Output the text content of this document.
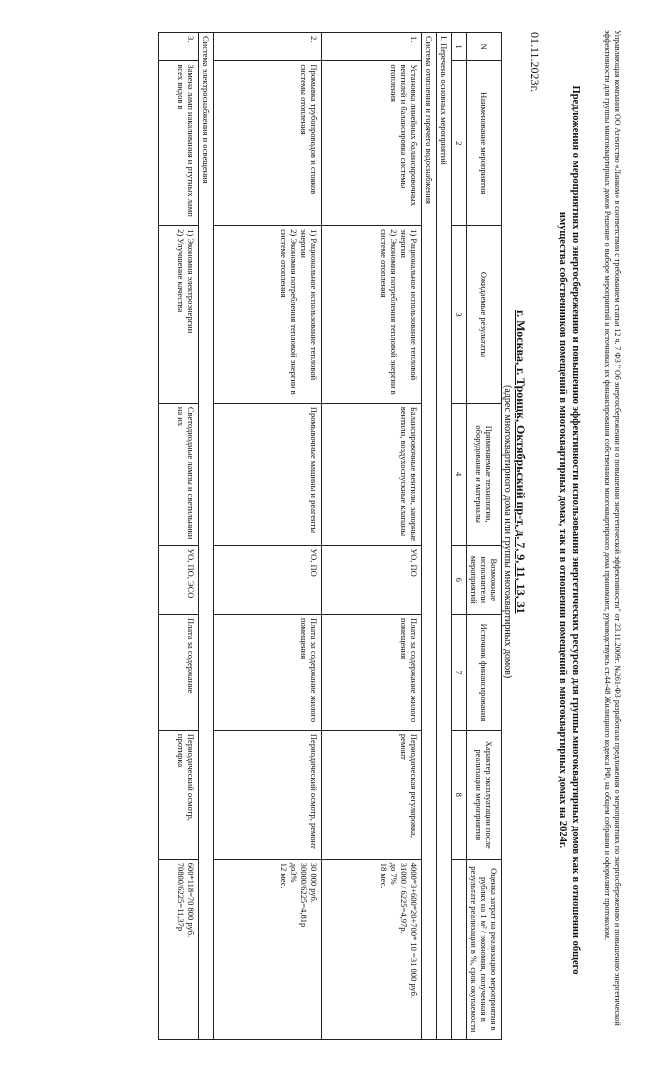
Управляющая компания ОО Агентство «Ланком» в соответствии с требованием статьи 12 ч. 7 ФЗ " Об энергосбережении и о повышении энергетической эффективности" от 23.11.2009г. №261-ФЗ разработала предложения о мероприятиях по энергосбережению и повышению энергетической эффективности для группы многоквартирных домов Решение о выборе мероприятий и источниках их финансирования собственники многоквартирного дома принимают, руководствуясь ст.44-48 Жилищного кодекса РФ, на общем собрании и оформляют протоколом.
Предложения о мероприятиях по энергосбережению и повышению эффективности использования энергетических ресурсов для группы многоквартирных домов как в отношении общего имущества собственников помещений в многоквартирных домах, так и в отношении помещений в многоквартирных домах на 2024г.
01.11.2023г.
г. Москва, г. Троицк, Октябрьский пр-т, д. 7, 9, 11, 13, 31
(адрес многоквартирного дома или группы многоквартирных домов)
N	Наименование мероприятия	Ожидаемые результаты	Применяемые технологии, оборудование и материалы	Возможные исполнители мероприятий	Источник финансирования	Характер эксплуатации после реализации мероприятия	Оценка затрат на реализацию мероприятия в рублях на 1 м² / экономия, полученная в результате реализации в %, срок окупаемости
1	2	3	4	6	7	8	
I. Перечень основных мероприятий							
Система отопления и горячего водоснабжения							
1.	Установка линейных балансировочных вентилей и балансировка системы отопления	1) Рациональное использование тепловой энергии
2) Экономия потребления тепловой энергии в системе отопления	Балансировочные вентили, запорные вентили, воздухоспускные клапаны	УО, ПО	Плата за содержание жилого помещения	Периодическая регулировка, ремонт	4000*3+600*20+700* 10 =31 000 руб.
31000 / 6225=4,97р.
до 7%
18 мес.
2.	Промывка трубопроводов и стояков системы отопления	1) Рациональное использование тепловой энергии
2) Экономия потребления тепловой энергии в системе отопления	Промывочные машины и реагенты	УО, ПО	Плата за содержание жилого помещения	Периодический осмотр, ремонт	30 000 руб.
30000/6225=4,81р
до3%
12 мес.
Система электроснабжения и освещения							
3.	Замена ламп накаливания и ртутных ламп всех видов в	1) Экономия электроэнергии
2) Улучшение качества	Светодиодные лампы и светильники на их	УО, ПО, ЭСО	Плата за содержание	Периодический осмотр, протирка	600*118=70 800 руб.
70800/6225=11,37р
